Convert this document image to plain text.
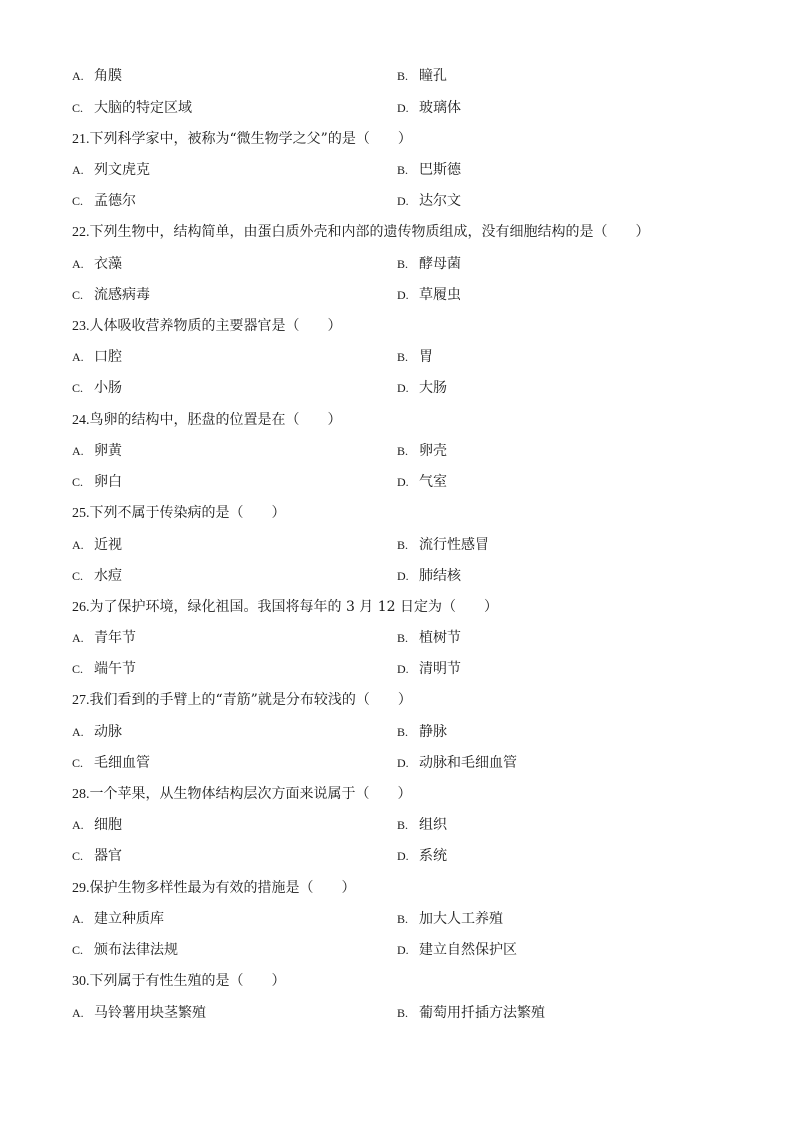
A. 角膜	B. 瞳孔
C. 大脑的特定区域	D. 玻璃体
21.下列科学家中，被称为“微生物学之父”的是（　　）
A. 列文虎克	B. 巴斯德
C. 孟德尔	D. 达尔文
22.下列生物中，结构简单，由蛋白质外壳和内部的遗传物质组成，没有细胞结构的是（　　）
A. 衣藻	B. 酵母菌
C. 流感病毒	D. 草履虫
23.人体吸收营养物质的主要器官是（　　）
A. 口腔	B. 胃
C. 小肠	D. 大肠
24.鸟卵的结构中，胚盘的位置是在（　　）
A. 卵黄	B. 卵壳
C. 卵白	D. 气室
25.下列不属于传染病的是（　　）
A. 近视	B. 流行性感冒
C. 水痘	D. 肺结核
26.为了保护环境，绿化祖国。我国将每年的 3 月 12 日定为（　　）
A. 青年节	B. 植树节
C. 端午节	D. 清明节
27.我们看到的手臂上的“青筋”就是分布较浅的（　　）
A. 动脉	B. 静脉
C. 毛细血管	D. 动脉和毛细血管
28.一个苹果，从生物体结构层次方面来说属于（　　）
A. 细胞	B. 组织
C. 器官	D. 系统
29.保护生物多样性最为有效的措施是（　　）
A. 建立种质库	B. 加大人工养殖
C. 颁布法律法规	D. 建立自然保护区
30.下列属于有性生殖的是（　　）
A. 马铃薯用块茎繁殖	B. 葡萄用扦插方法繁殖
